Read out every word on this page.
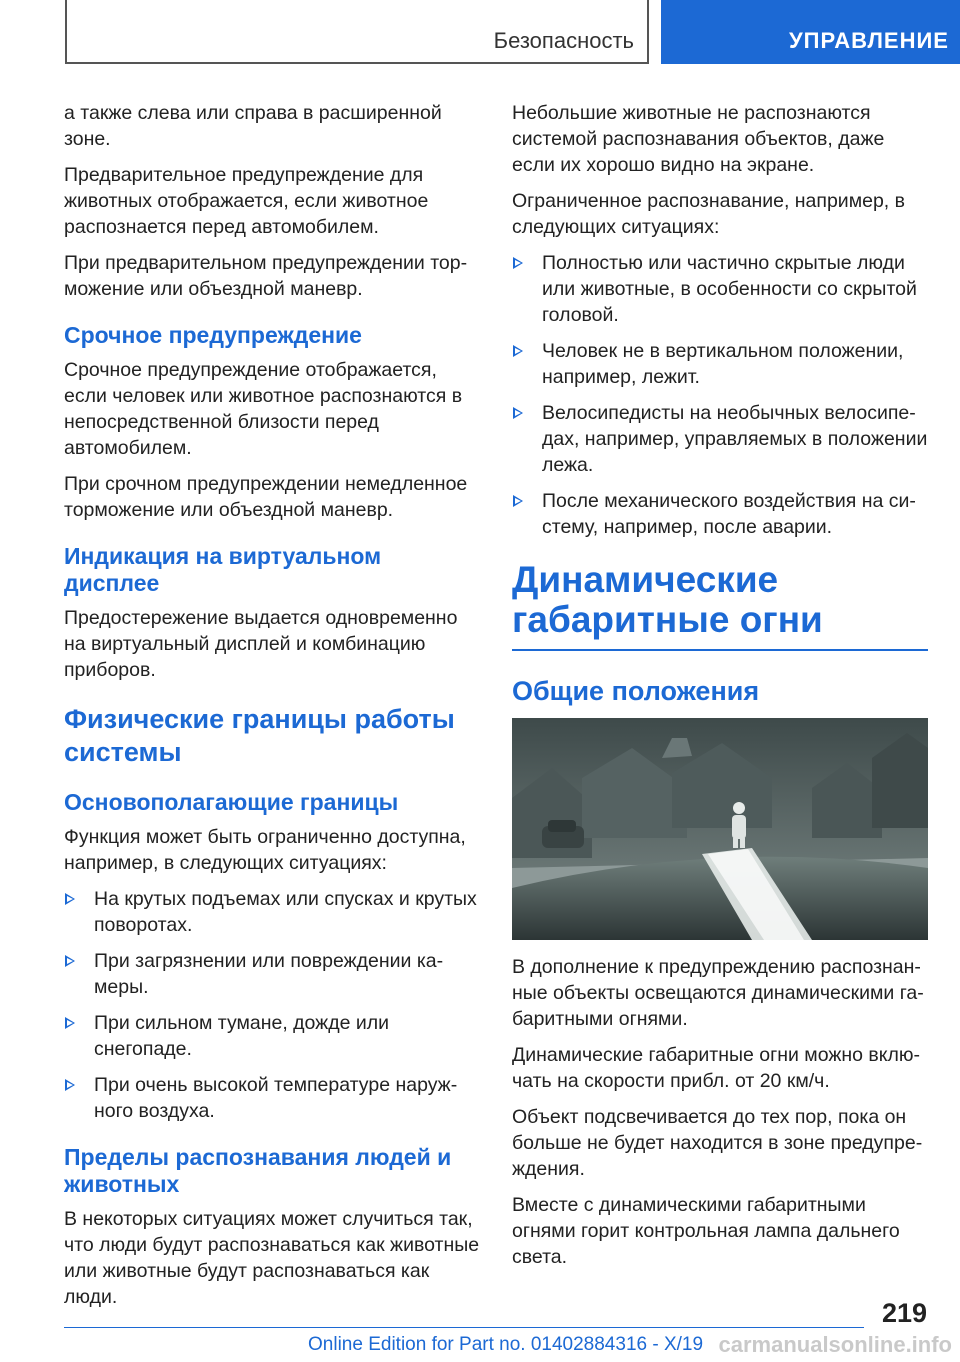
Безопасность	УПРАВЛЕНИЕ

а также слева или справа в расширенной зоне.

Предварительное предупреждение для животных отображается, если животное распознается перед автомобилем.

При предварительном предупреждении торможение или объездной маневр.

Срочное предупреждение

Срочное предупреждение отображается, если человек или животное распознаются в непосредственной близости перед автомобилем.

При срочном предупреждении немедленное торможение или объездной маневр.

Индикация на виртуальном дисплее

Предостережение выдается одновременно на виртуальный дисплей и комбинацию приборов.

Физические границы работы системы
Основополагающие границы

Функция может быть ограниченно доступна, например, в следующих ситуациях:

На крутых подъемах или спусках и крутых поворотах.
При загрязнении или повреждении камеры.
При сильном тумане, дожде или снегопаде.
При очень высокой температуре наружного воздуха.
Пределы распознавания людей и животных

В некоторых ситуациях может случиться так, что люди будут распознаваться как животные или животные будут распознаваться как люди.

Небольшие животные не распознаются системой распознавания объектов, даже если их хорошо видно на экране.

Ограниченное распознавание, например, в следующих ситуациях:

Полностью или частично скрытые люди или животные, в особенности со скрытой головой.
Человек не в вертикальном положении, например, лежит.
Велосипедисты на необычных велосипедах, например, управляемых в положении лежа.
После механического воздействия на систему, например, после аварии.
Динамические габаритные огни
Общие положения

В дополнение к предупреждению распознанные объекты освещаются динамическими габаритными огнями.

Динамические габаритные огни можно включать на скорости прибл. от 20 км/ч.

Объект подсвечивается до тех пор, пока он больше не будет находится в зоне предупреждения.

Вместе с динамическими габаритными огнями горит контрольная лампа дальнего света.

219
Online Edition for Part no. 01402884316 - X/19 carmanualsonline.info
